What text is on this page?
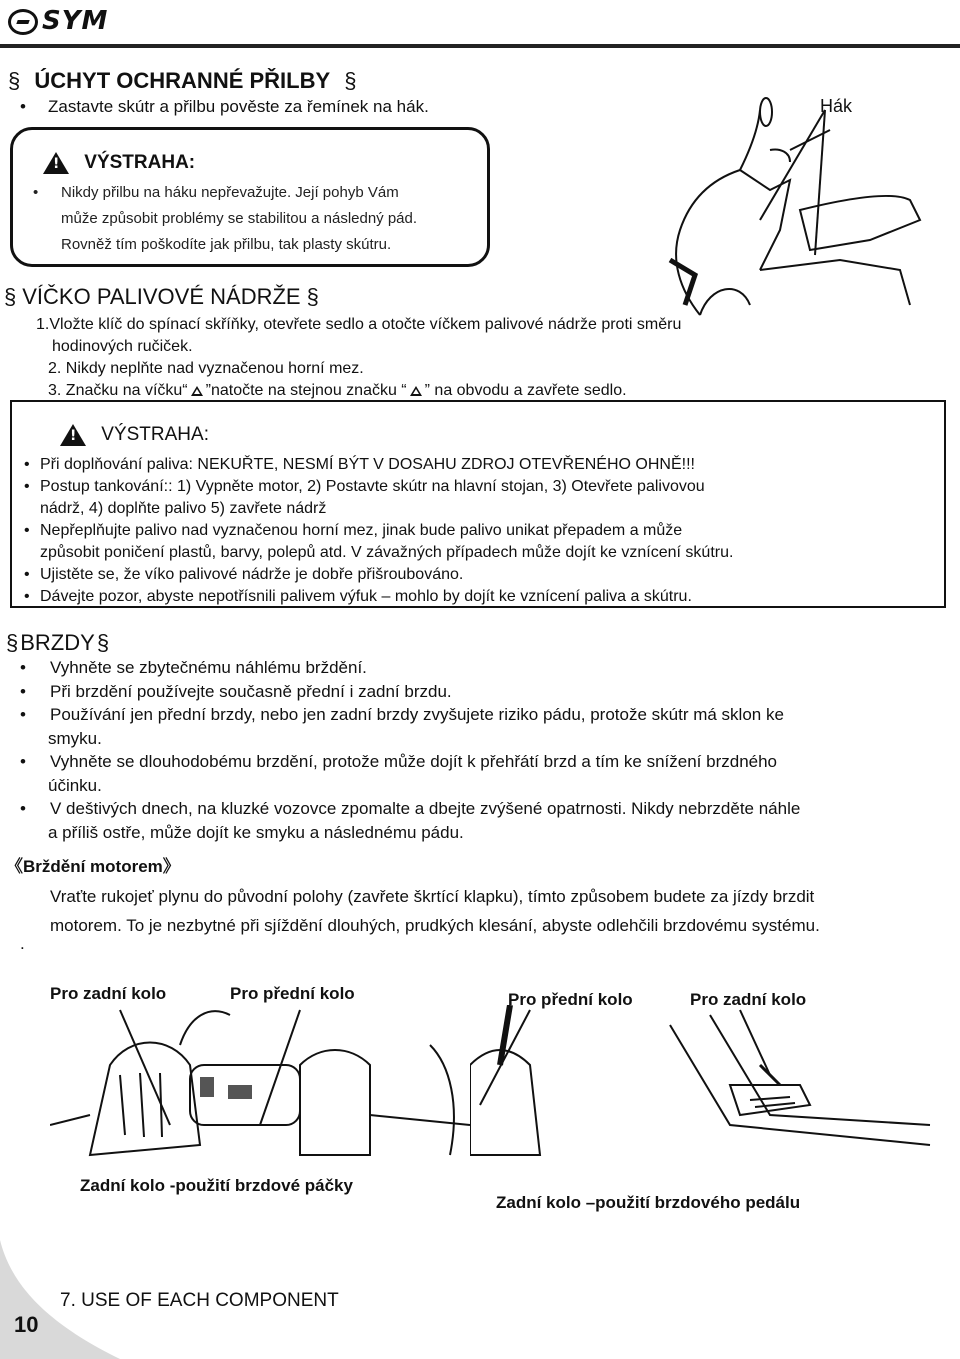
SYM
§ ÚCHYT OCHRANNÉ PŘILBY §
• Zastavte skútr a přilbu pověste za řemínek na hák.
! VÝSTRAHA:
• Nikdy přilbu na háku nepřevažujte. Její pohyb Vám
může způsobit problémy se stabilitou a následný pád.
Rovněž tím poškodíte jak přilbu, tak plasty skútru.
Hák
§ VÍČKO PALIVOVÉ NÁDRŽE §
1.Vložte klíč do spínací skříňky, otevřete sedlo a otočte víčkem palivové nádrže proti směru
hodinových ručiček.
2. Nikdy neplňte nad vyznačenou horní mez.
3. Značku na víčku“ ”natočte na stejnou značku “ ” na obvodu a zavřete sedlo.
! VÝSTRAHA:
• Při doplňování paliva: NEKUŘTE, NESMÍ BÝT V DOSAHU ZDROJ OTEVŘENÉHO OHNĚ!!!
• Postup tankování:: 1) Vypněte motor, 2) Postavte skútr na hlavní stojan, 3) Otevřete palivovou
nádrž, 4) doplňte palivo 5) zavřete nádrž
• Nepřeplňujte palivo nad vyznačenou horní mez, jinak bude palivo unikat přepadem a může
způsobit poničení plastů, barvy, polepů atd. V závažných případech může dojít ke vznícení skútru.
• Ujistěte se, že víko palivové nádrže je dobře přišroubováno.
• Dávejte pozor, abyste nepotřísnili palivem výfuk – mohlo by dojít ke vznícení paliva a skútru.
§BRZDY§
• Vyhněte se zbytečnému náhlému brždění.
• Při brzdění používejte současně přední i zadní brzdu.
• Používání jen přední brzdy, nebo jen zadní brzdy zvyšujete riziko pádu, protože skútr má sklon ke
smyku.
• Vyhněte se dlouhodobému brzdění, protože může dojít k přehřátí brzd a tím ke snížení brzdného
účinku.
• V deštivých dnech, na kluzké vozovce zpomalte a dbejte zvýšené opatrnosti. Nikdy nebrzděte náhle
a příliš ostře, může dojít ke smyku a následnému pádu.
《Brždění motorem》
Vraťte rukojeť plynu do původní polohy (zavřete škrtící klapku), tímto způsobem budete za jízdy brzdit
motorem. To je nezbytné při sjíždění dlouhých, prudkých klesání, abyste odlehčili brzdovému systému.
.
Pro zadní kolo	Pro přední kolo	Pro přední kolo	Pro zadní kolo
Zadní kolo -použití brzdové páčky
Zadní kolo –použití brzdového pedálu
7. USE OF EACH COMPONENT
10
